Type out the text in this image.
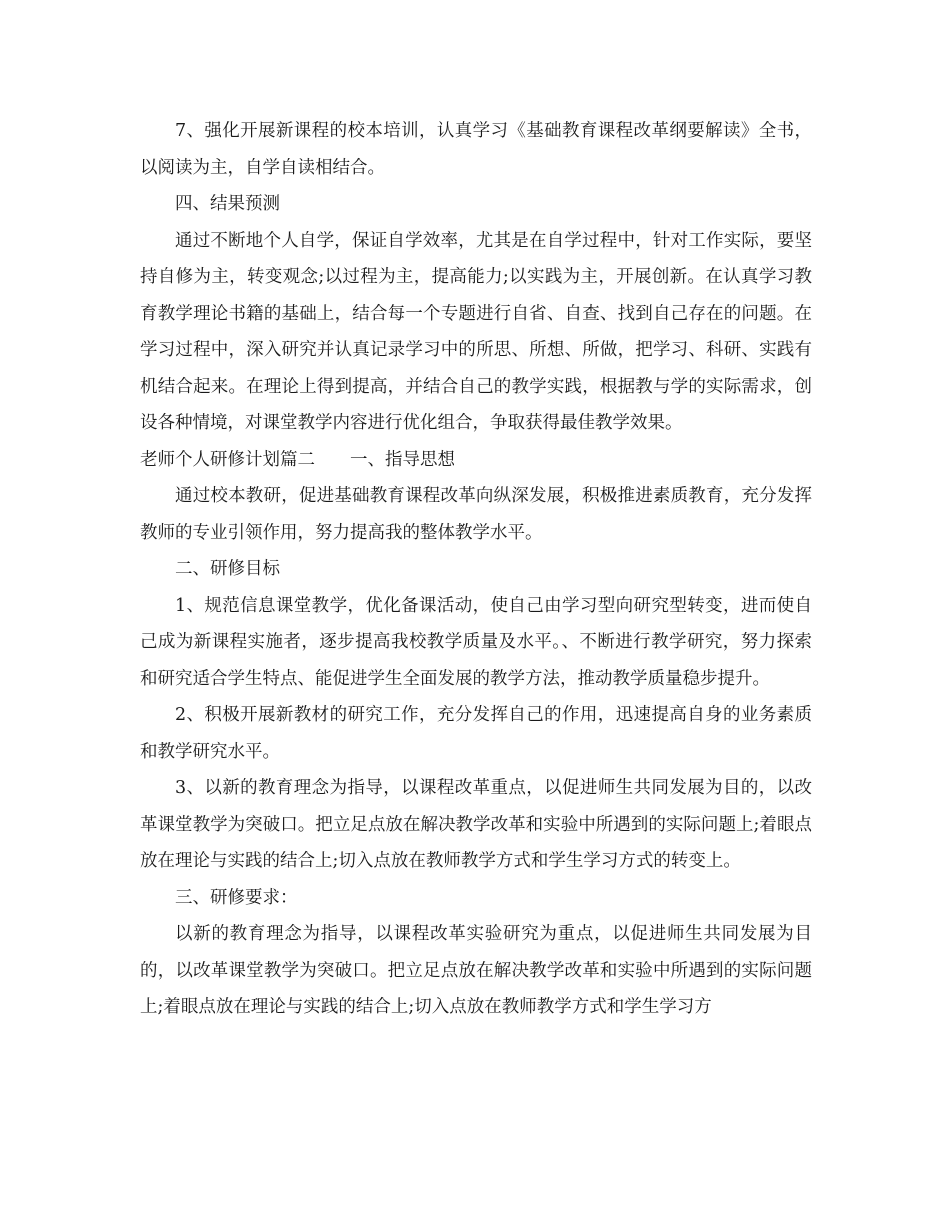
7、强化开展新课程的校本培训，认真学习《基础教育课程改革纲要解读》全书，以阅读为主，自学自读相结合。

四、结果预测

通过不断地个人自学，保证自学效率，尤其是在自学过程中，针对工作实际，要坚持自修为主，转变观念;以过程为主，提高能力;以实践为主，开展创新。在认真学习教育教学理论书籍的基础上，结合每一个专题进行自省、自查、找到自己存在的问题。在学习过程中，深入研究并认真记录学习中的所思、所想、所做，把学习、科研、实践有机结合起来。在理论上得到提高，并结合自己的教学实践，根据教与学的实际需求，创设各种情境，对课堂教学内容进行优化组合，争取获得最佳教学效果。

老师个人研修计划篇二　　一、指导思想

通过校本教研，促进基础教育课程改革向纵深发展，积极推进素质教育，充分发挥教师的专业引领作用，努力提高我的整体教学水平。

二、研修目标

1、规范信息课堂教学，优化备课活动，使自己由学习型向研究型转变，进而使自己成为新课程实施者，逐步提高我校教学质量及水平。、不断进行教学研究，努力探索和研究适合学生特点、能促进学生全面发展的教学方法，推动教学质量稳步提升。

2、积极开展新教材的研究工作，充分发挥自己的作用，迅速提高自身的业务素质和教学研究水平。

3、以新的教育理念为指导，以课程改革重点，以促进师生共同发展为目的，以改革课堂教学为突破口。把立足点放在解决教学改革和实验中所遇到的实际问题上;着眼点放在理论与实践的结合上;切入点放在教师教学方式和学生学习方式的转变上。

三、研修要求：

以新的教育理念为指导，以课程改革实验研究为重点，以促进师生共同发展为目的，以改革课堂教学为突破口。把立足点放在解决教学改革和实验中所遇到的实际问题上;着眼点放在理论与实践的结合上;切入点放在教师教学方式和学生学习方
